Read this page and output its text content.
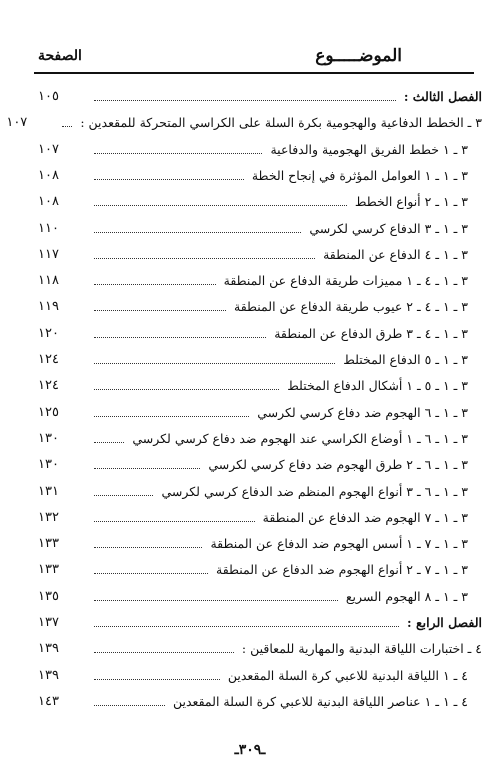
الموضـــــوع
الصفحة
الفصل الثالث :
١٠٥
٣ ـ الخطط الدفاعية والهجومية بكرة السلة على الكراسي المتحركة للمقعدين :
١٠٧
٣ ـ ١ خطط الفريق الهجومية والدفاعية
١٠٧
٣ ـ ١ ـ ١ العوامل المؤثرة في إنجاح الخطة
١٠٨
٣ ـ ١ ـ ٢ أنواع الخطط
١٠٨
٣ ـ ١ ـ ٣ الدفاع كرسي لكرسي
١١٠
٣ ـ ١ ـ ٤ الدفاع عن المنطقة
١١٧
٣ ـ ١ ـ ٤ ـ ١ مميزات طريقة الدفاع عن المنطقة
١١٨
٣ ـ ١ ـ ٤ ـ ٢ عيوب طريقة الدفاع عن المنطقة
١١٩
٣ ـ ١ ـ ٤ ـ ٣ طرق الدفاع عن المنطقة
١٢٠
٣ ـ ١ ـ ٥ الدفاع المختلط
١٢٤
٣ ـ ١ ـ ٥ ـ ١ أشكال الدفاع المختلط
١٢٤
٣ ـ ١ ـ ٦ الهجوم ضد دفاع كرسي لكرسي
١٢٥
٣ ـ ١ ـ ٦ ـ ١ أوضاع الكراسي عند الهجوم ضد دفاع كرسي لكرسي
١٣٠
٣ ـ ١ ـ ٦ ـ ٢ طرق الهجوم ضد دفاع كرسي لكرسي
١٣٠
٣ ـ ١ ـ ٦ ـ ٣ أنواع الهجوم المنظم ضد الدفاع كرسي لكرسي
١٣١
٣ ـ ١ ـ ٧ الهجوم ضد الدفاع عن المنطقة
١٣٢
٣ ـ ١ ـ ٧ ـ ١ أسس الهجوم ضد الدفاع عن المنطقة
١٣٣
٣ ـ ١ ـ ٧ ـ ٢ أنواع الهجوم ضد الدفاع عن المنطقة
١٣٣
٣ ـ ١ ـ ٨ الهجوم السريع
١٣٥
الفصل الرابع :
١٣٧
٤ ـ اختبارات اللياقة البدنية والمهارية للمعاقين :
١٣٩
٤ ـ ١ اللياقة البدنية للاعبي كرة السلة المقعدين
١٣٩
٤ ـ ١ ـ ١ عناصر اللياقة البدنية للاعبي كرة السلة المقعدين
١٤٣
ـ٣٠٩ـ
